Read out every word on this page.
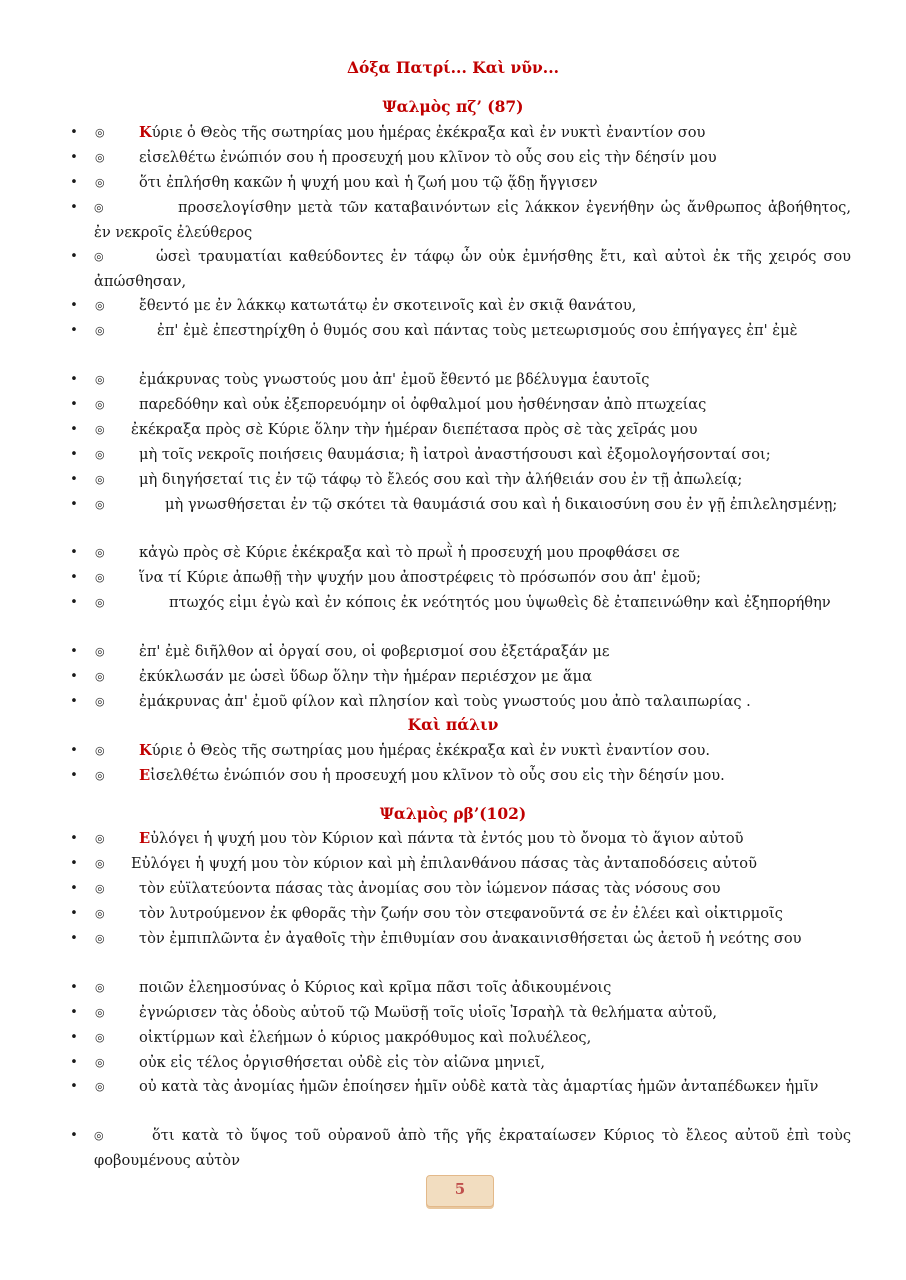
Δόξα Πατρί... Καὶ νῦν...
Ψαλμὸς πζ’ (87)
• ◎ Κύριε ὁ Θεὸς τῆς σωτηρίας μου ἡμέρας ἐκέκραξα καὶ ἐν νυκτὶ ἐναντίον σου
• ◎ εἰσελθέτω ἐνώπιόν σου ἡ προσευχή μου κλῖνον τὸ οὖς σου εἰς τὴν δέησίν μου
• ◎ ὅτι ἐπλήσθη κακῶν ἡ ψυχή μου καὶ ἡ ζωή μου τῷ ᾅδῃ ἤγγισεν
• ◎	προσελογίσθην μετὰ τῶν καταβαινόντων εἰς λάκκον ἐγενήθην ὡς ἄνθρωπος ἀβοήθητος, ἐν νεκροῖς ἐλεύθερος
• ◎	ὡσεὶ τραυματίαι καθεύδοντες ἐν τάφῳ ὧν οὐκ ἐμνήσθης ἔτι, καὶ αὐτοὶ ἐκ τῆς χειρός σου ἀπώσθησαν,
• ◎ ἔθεντό με ἐν λάκκῳ κατωτάτῳ ἐν σκοτεινοῖς καὶ ἐν σκιᾷ θανάτου,
• ◎	ἐπ' ἐμὲ ἐπεστηρίχθη ὁ θυμός σου καὶ πάντας τοὺς μετεωρισμούς σου ἐπήγαγες ἐπ' ἐμὲ
• ◎ ἐμάκρυνας τοὺς γνωστούς μου ἀπ' ἐμοῦ ἔθεντό με βδέλυγμα ἑαυτοῖς
• ◎ παρεδόθην καὶ οὐκ ἐξεπορευόμην οἱ ὀφθαλμοί μου ἠσθένησαν ἀπὸ πτωχείας
• ◎ ἐκέκραξα πρὸς σὲ Κύριε ὅλην τὴν ἡμέραν διεπέτασα πρὸς σὲ τὰς χεῖράς μου
• ◎ μὴ τοῖς νεκροῖς ποιήσεις θαυμάσια; ἢ ἰατροὶ ἀναστήσουσι καὶ ἐξομολογήσονταί σοι;
• ◎ μὴ διηγήσεταί τις ἐν τῷ τάφῳ τὸ ἔλεός σου καὶ τὴν ἀλήθειάν σου ἐν τῇ ἀπωλείᾳ;
• ◎	μὴ γνωσθήσεται ἐν τῷ σκότει τὰ θαυμάσιά σου καὶ ἡ δικαιοσύνη σου ἐν γῇ ἐπιλελησμένῃ;
• ◎ κἀγὼ πρὸς σὲ Κύριε ἐκέκραξα καὶ τὸ πρωῒ ἡ προσευχή μου προφθάσει σε
• ◎ ἵνα τί Κύριε ἀπωθῇ τὴν ψυχήν μου ἀποστρέφεις τὸ πρόσωπόν σου ἀπ' ἐμοῦ;
• ◎	πτωχός εἰμι ἐγὼ καὶ ἐν κόποις ἐκ νεότητός μου ὑψωθεὶς δὲ ἐταπεινώθην καὶ ἐξηπορήθην
• ◎ ἐπ' ἐμὲ διῆλθον αἱ ὀργαί σου, οἱ φοβερισμοί σου ἐξετάραξάν με
• ◎ ἐκύκλωσάν με ὡσεὶ ὕδωρ ὅλην τὴν ἡμέραν περιέσχον με ἅμα
• ◎ ἐμάκρυνας ἀπ' ἐμοῦ φίλον καὶ πλησίον καὶ τοὺς γνωστούς μου ἀπὸ ταλαιπωρίας .
Καὶ πάλιν
• ◎ Κύριε ὁ Θεὸς τῆς σωτηρίας μου ἡμέρας ἐκέκραξα καὶ ἐν νυκτὶ ἐναντίον σου.
• ◎ Εἰσελθέτω ἐνώπιόν σου ἡ προσευχή μου κλῖνον τὸ οὖς σου εἰς τὴν δέησίν μου.
Ψαλμὸς ρβ’(102)
• ◎ Εὐλόγει ἡ ψυχή μου τὸν Κύριον καὶ πάντα τὰ ἐντός μου τὸ ὄνομα τὸ ἅγιον αὐτοῦ
• ◎ Εὐλόγει ἡ ψυχή μου τὸν κύριον καὶ μὴ ἐπιλανθάνου πάσας τὰς ἀνταποδόσεις αὐτοῦ
• ◎ τὸν εὐϊλατεύοντα πάσας τὰς ἀνομίας σου τὸν ἰώμενον πάσας τὰς νόσους σου
• ◎ τὸν λυτρούμενον ἐκ φθορᾶς τὴν ζωήν σου τὸν στεφανοῦντά σε ἐν ἐλέει καὶ οἰκτιρμοῖς
• ◎ τὸν ἐμπιπλῶντα ἐν ἀγαθοῖς τὴν ἐπιθυμίαν σου ἀνακαινισθήσεται ὡς ἀετοῦ ἡ νεότης σου
• ◎ ποιῶν ἐλεημοσύνας ὁ Κύριος καὶ κρῖμα πᾶσι τοῖς ἀδικουμένοις
• ◎ ἐγνώρισεν τὰς ὁδοὺς αὐτοῦ τῷ Μωϋσῇ τοῖς υἱοῖς Ἰσραὴλ τὰ θελήματα αὐτοῦ,
• ◎ οἰκτίρμων καὶ ἐλεήμων ὁ κύριος μακρόθυμος καὶ πολυέλεος,
• ◎ οὐκ εἰς τέλος ὀργισθήσεται οὐδὲ εἰς τὸν αἰῶνα μηνιεῖ,
• ◎ οὐ κατὰ τὰς ἀνομίας ἡμῶν ἐποίησεν ἡμῖν οὐδὲ κατὰ τὰς ἁμαρτίας ἡμῶν ἀνταπέδωκεν ἡμῖν
• ◎	ὅτι κατὰ τὸ ὕψος τοῦ οὐρανοῦ ἀπὸ τῆς γῆς ἐκραταίωσεν Κύριος τὸ ἔλεος αὐτοῦ ἐπὶ τοὺς φοβουμένους αὐτὸν
5
